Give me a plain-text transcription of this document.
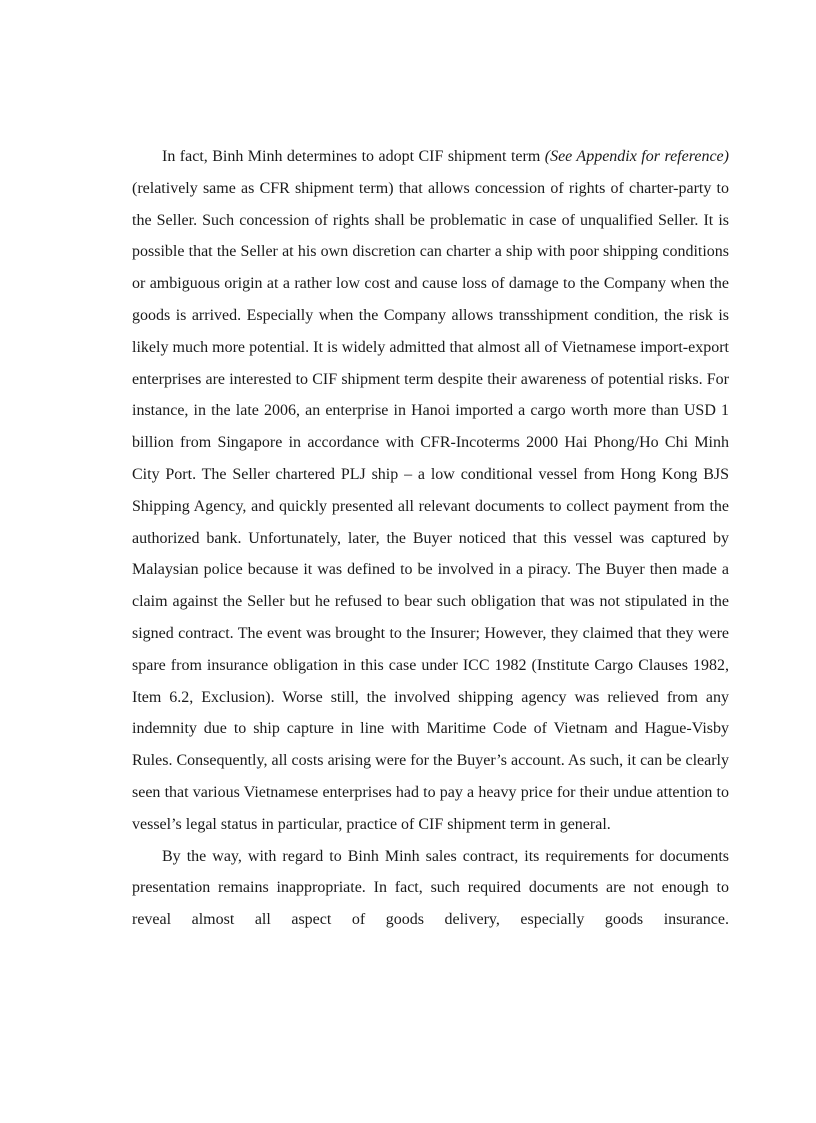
In fact, Binh Minh determines to adopt CIF shipment term (See Appendix for reference) (relatively same as CFR shipment term) that allows concession of rights of charter-party to the Seller. Such concession of rights shall be problematic in case of unqualified Seller. It is possible that the Seller at his own discretion can charter a ship with poor shipping conditions or ambiguous origin at a rather low cost and cause loss of damage to the Company when the goods is arrived. Especially when the Company allows transshipment condition, the risk is likely much more potential. It is widely admitted that almost all of Vietnamese import-export enterprises are interested to CIF shipment term despite their awareness of potential risks. For instance, in the late 2006, an enterprise in Hanoi imported a cargo worth more than USD 1 billion from Singapore in accordance with CFR-Incoterms 2000 Hai Phong/Ho Chi Minh City Port. The Seller chartered PLJ ship – a low conditional vessel from Hong Kong BJS Shipping Agency, and quickly presented all relevant documents to collect payment from the authorized bank. Unfortunately, later, the Buyer noticed that this vessel was captured by Malaysian police because it was defined to be involved in a piracy. The Buyer then made a claim against the Seller but he refused to bear such obligation that was not stipulated in the signed contract. The event was brought to the Insurer; However, they claimed that they were spare from insurance obligation in this case under ICC 1982 (Institute Cargo Clauses 1982, Item 6.2, Exclusion). Worse still, the involved shipping agency was relieved from any indemnity due to ship capture in line with Maritime Code of Vietnam and Hague-Visby Rules. Consequently, all costs arising were for the Buyer’s account. As such, it can be clearly seen that various Vietnamese enterprises had to pay a heavy price for their undue attention to vessel’s legal status in particular, practice of CIF shipment term in general.

By the way, with regard to Binh Minh sales contract, its requirements for documents presentation remains inappropriate. In fact, such required documents are not enough to reveal almost all aspect of goods delivery, especially goods insurance.
